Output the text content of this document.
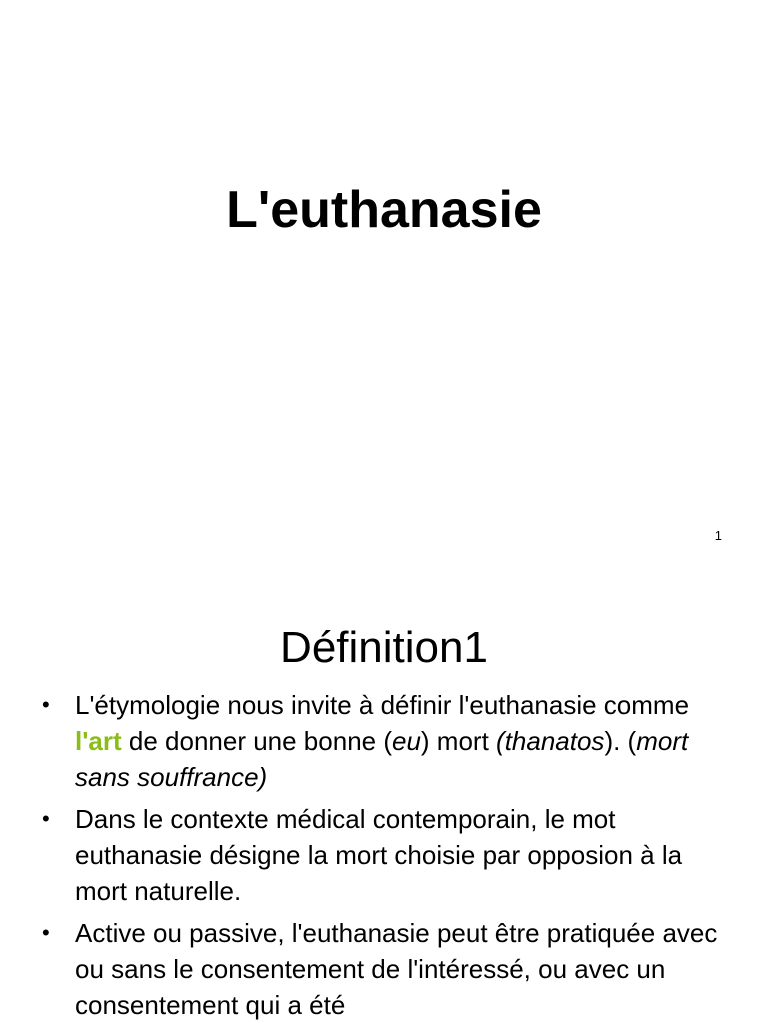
L'euthanasie
1
Définition1
• L'étymologie nous invite à définir l'euthanasie comme l'art de donner une bonne (eu) mort (thanatos). (mort sans souffrance)
• Dans le contexte médical contemporain, le mot euthanasie désigne la mort choisie par opposion à la mort naturelle.
• Active ou passive, l'euthanasie peut être pratiquée avec ou sans le consentement de l'intéressé, ou avec un consentement qui a été
